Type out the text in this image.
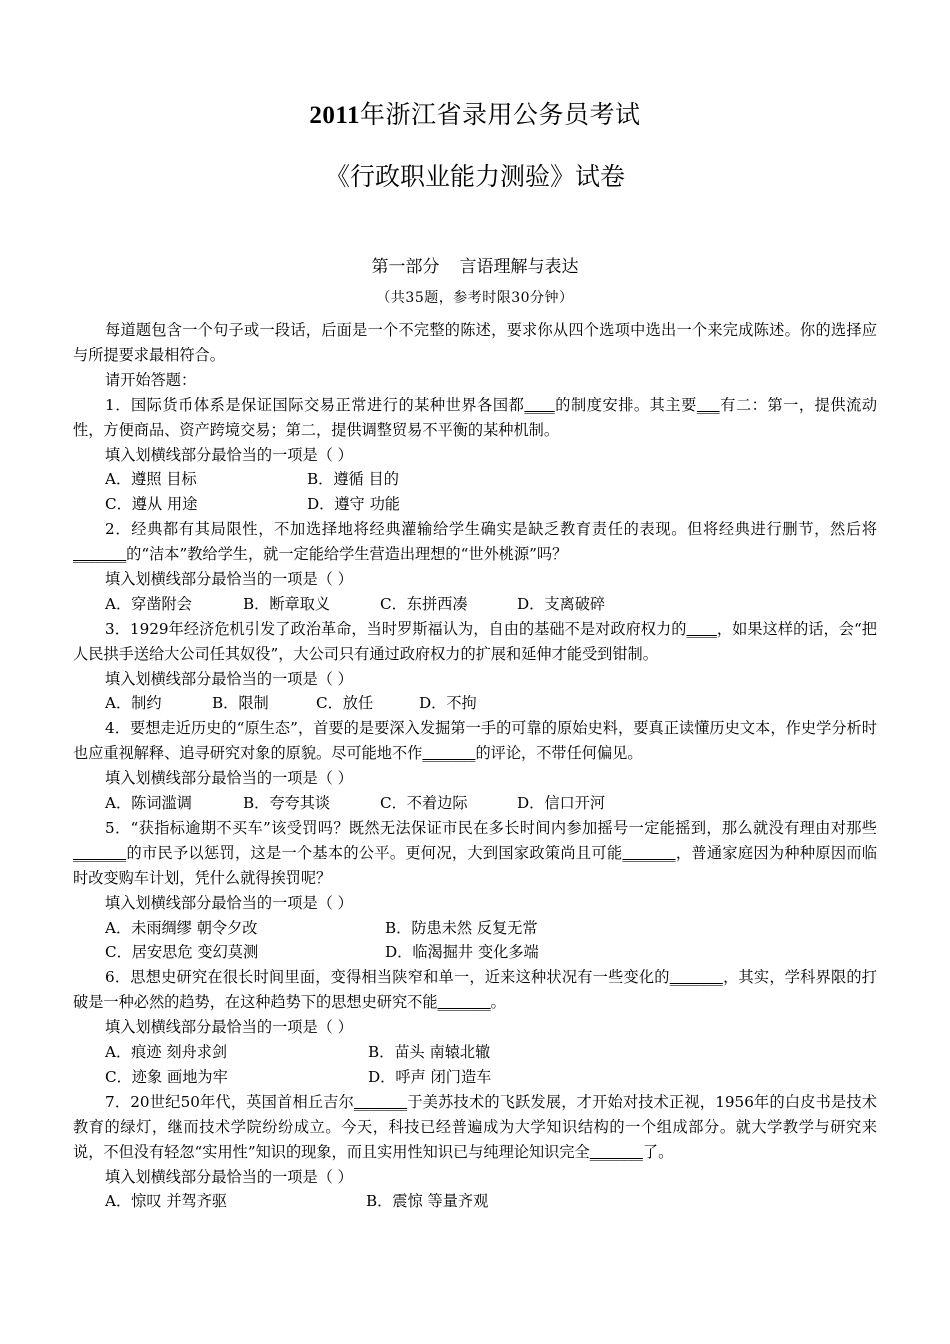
2011年浙江省录用公务员考试
《行政职业能力测验》试卷
第一部分 言语理解与表达
（共35题，参考时限30分钟）

每道题包含一个句子或一段话，后面是一个不完整的陈述，要求你从四个选项中选出一个来完成陈述。你的选择应与所提要求最相符合。

请开始答题：

1．国际货币体系是保证国际交易正常进行的某种世界各国都____的制度安排。其主要___有二：第一，提供流动性，方便商品、资产跨境交易；第二，提供调整贸易不平衡的某种机制。

填入划横线部分最恰当的一项是（ ）

A．遵照 目标	B．遵循 目的

C．遵从 用途	D．遵守 功能

2．经典都有其局限性，不加选择地将经典灌输给学生确实是缺乏教育责任的表现。但将经典进行删节，然后将_______的“洁本”教给学生，就一定能给学生营造出理想的“世外桃源”吗？

填入划横线部分最恰当的一项是（ ）

A．穿凿附会	B．断章取义	C．东拼西凑	D．支离破碎

3．1929年经济危机引发了政治革命，当时罗斯福认为，自由的基础不是对政府权力的____，如果这样的话，会“把人民拱手送给大公司任其奴役”，大公司只有通过政府权力的扩展和延伸才能受到钳制。

填入划横线部分最恰当的一项是（ ）

A．制约	B．限制	C．放任	D．不拘

4．要想走近历史的“原生态”，首要的是要深入发掘第一手的可靠的原始史料，要真正读懂历史文本，作史学分析时也应重视解释、追寻研究对象的原貌。尽可能地不作_______的评论，不带任何偏见。

填入划横线部分最恰当的一项是（ ）

A．陈词滥调	B．夸夸其谈	C．不着边际	D．信口开河

5．“获指标逾期不买车”该受罚吗？既然无法保证市民在多长时间内参加摇号一定能摇到，那么就没有理由对那些_______的市民予以惩罚，这是一个基本的公平。更何况，大到国家政策尚且可能_______，普通家庭因为种种原因而临时改变购车计划，凭什么就得挨罚呢？

填入划横线部分最恰当的一项是（ ）

A．未雨绸缪 朝令夕改	B．防患未然 反复无常

C．居安思危 变幻莫测	D．临渴掘井 变化多端

6．思想史研究在很长时间里面，变得相当陕窄和单一，近来这种状况有一些变化的_______，其实，学科界限的打破是一种必然的趋势，在这种趋势下的思想史研究不能_______。

填入划横线部分最恰当的一项是（ ）

A．痕迹 刻舟求剑	B．苗头 南辕北辙

C．迹象 画地为牢	D．呼声 闭门造车

7．20世纪50年代，英国首相丘吉尔_______于美苏技术的飞跃发展，才开始对技术正视，1956年的白皮书是技术教育的绿灯，继而技术学院纷纷成立。今天，科技已经普遍成为大学知识结构的一个组成部分。就大学教学与研究来说，不但没有轻忽“实用性”知识的现象，而且实用性知识已与纯理论知识完全_______了。

填入划横线部分最恰当的一项是（ ）

A．惊叹 并驾齐驱	B．震惊 等量齐观
